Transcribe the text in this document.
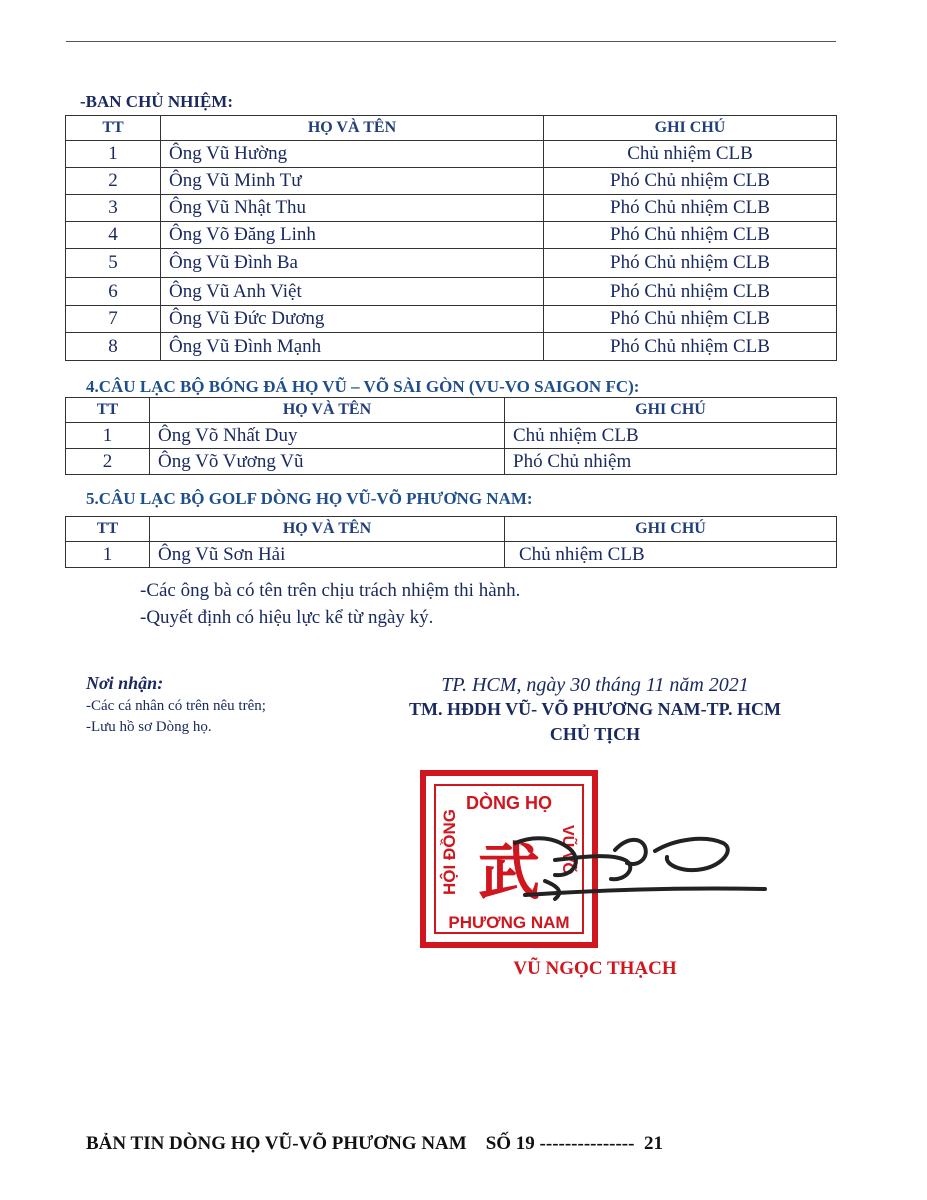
-BAN CHỦ NHIỆM:
TT	HỌ VÀ TÊN	GHI CHÚ
1	Ông Vũ Hường	Chủ nhiệm CLB
2	Ông Vũ Minh Tư	Phó Chủ nhiệm CLB
3	Ông Vũ Nhật Thu	Phó Chủ nhiệm CLB
4	Ông Võ Đăng Linh	Phó Chủ nhiệm CLB
5	Ông Vũ Đình Ba	Phó Chủ nhiệm CLB
6	Ông Vũ Anh Việt	Phó Chủ nhiệm CLB
7	Ông Vũ Đức Dương	Phó Chủ nhiệm CLB
8	Ông Vũ Đình Mạnh	Phó Chủ nhiệm CLB
4.CÂU LẠC BỘ BÓNG ĐÁ HỌ VŨ – VÕ SÀI GÒN (VU-VO SAIGON FC):
TT	HỌ VÀ TÊN	GHI CHÚ
1	Ông Võ Nhất Duy	Chủ nhiệm CLB
2	Ông Võ Vương Vũ	Phó Chủ nhiệm
5.CÂU LẠC BỘ GOLF DÒNG HỌ VŨ-VÕ PHƯƠNG NAM:
TT	HỌ VÀ TÊN	GHI CHÚ
1	Ông Vũ Sơn Hải	Chủ nhiệm CLB
-Các ông bà có tên trên chịu trách nhiệm thi hành.
-Quyết định có hiệu lực kể từ ngày ký.
Nơi nhận:
-Các cá nhân có trên nêu trên;
-Lưu hồ sơ Dòng họ.
TP. HCM, ngày 30 tháng 11 năm 2021
TM. HĐDH VŨ- VÕ PHƯƠNG NAM-TP. HCM
CHỦ TỊCH
DÒNG HỌ
HỘI ĐỒNG	VŨ VÕ
PHƯƠNG NAM
武
VŨ NGỌC THẠCH
BẢN TIN DÒNG HỌ VŨ-VÕ PHƯƠNG NAM    SỐ 19 ---------------  21
